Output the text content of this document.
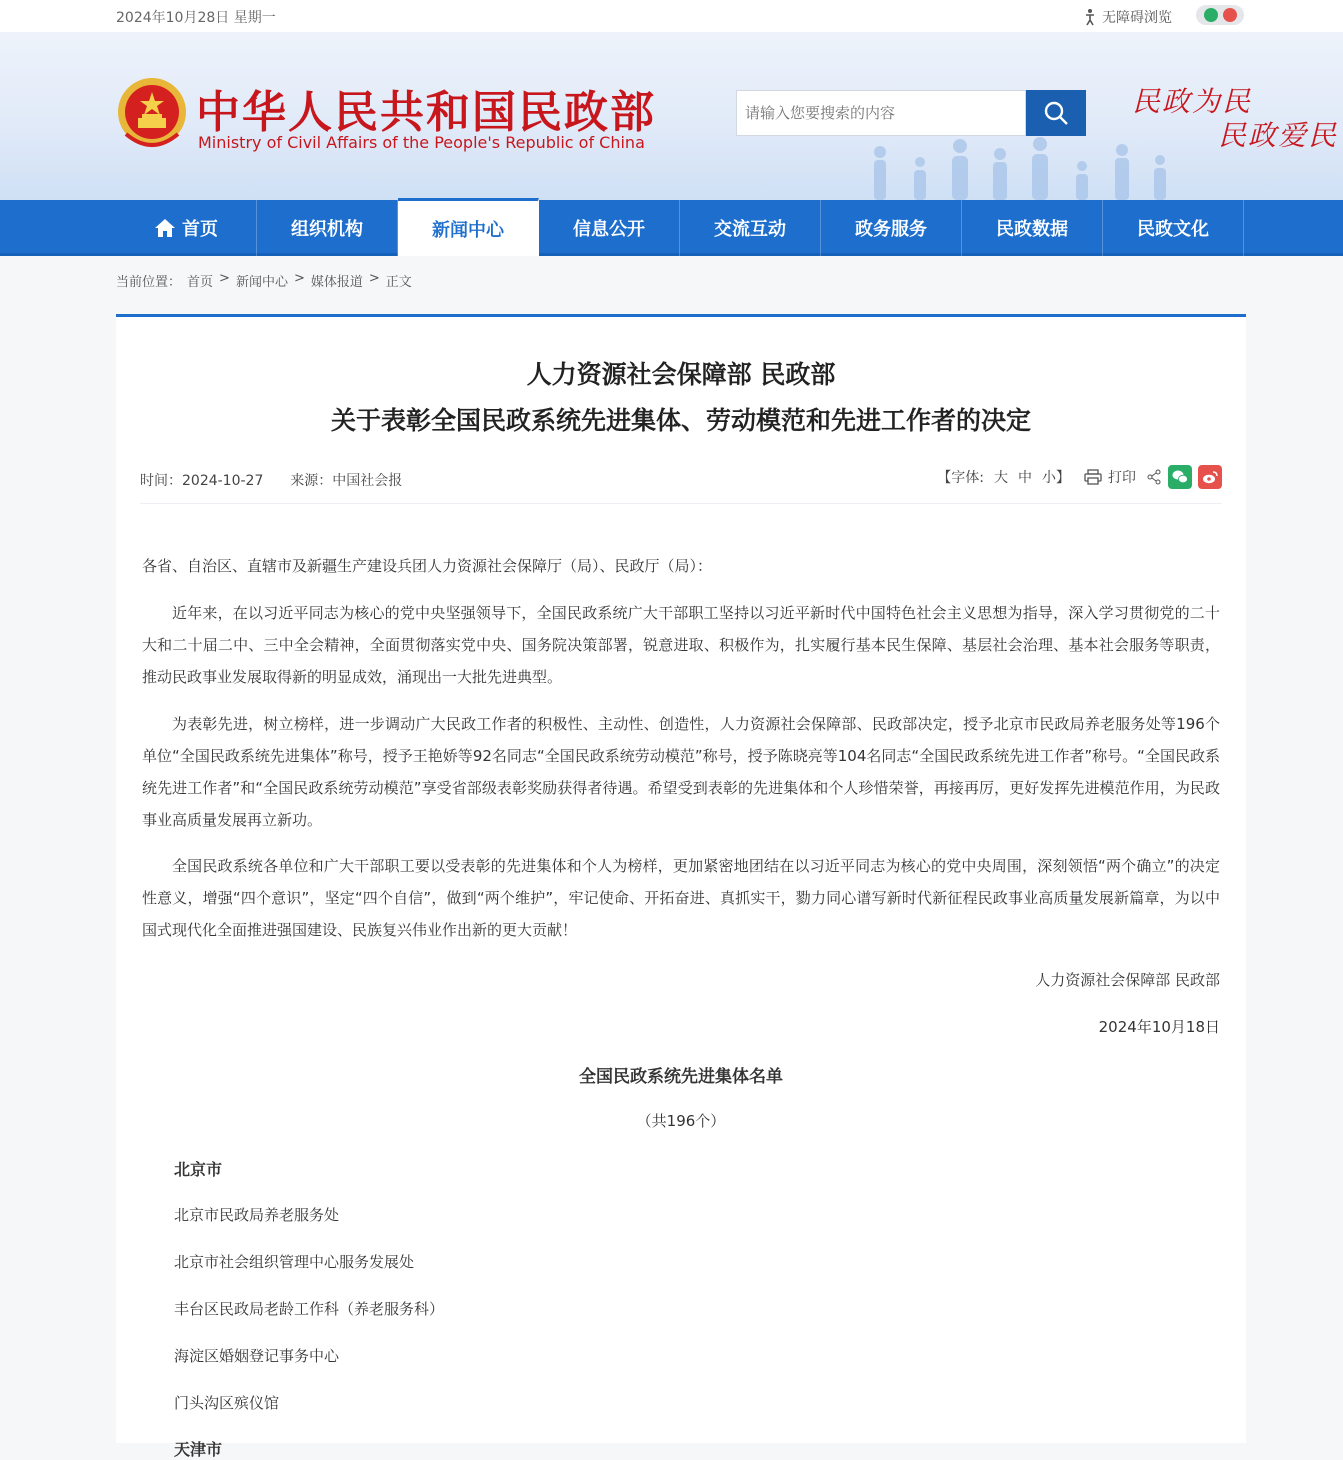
2024年10月28日 星期一	无障碍浏览
中华人民共和国民政部
Ministry of Civil Affairs of the People's Republic of China
请输入您要搜索的内容
民政为民
民政爱民
首页	组织机构	新闻中心	信息公开	交流互动	政务服务	民政数据	民政文化
当前位置： 首页 > 新闻中心 > 媒体报道 > 正文
人力资源社会保障部 民政部
关于表彰全国民政系统先进集体、劳动模范和先进工作者的决定
时间：2024-10-27 来源：中国社会报	【字体: 大 中 小】	打印
各省、自治区、直辖市及新疆生产建设兵团人力资源社会保障厅（局）、民政厅（局）：
近年来，在以习近平同志为核心的党中央坚强领导下，全国民政系统广大干部职工坚持以习近平新时代中国特色社会主义思想为指导，深入学习贯彻党的二十大和二十届二中、三中全会精神，全面贯彻落实党中央、国务院决策部署，锐意进取、积极作为，扎实履行基本民生保障、基层社会治理、基本社会服务等职责，推动民政事业发展取得新的明显成效，涌现出一大批先进典型。
为表彰先进，树立榜样，进一步调动广大民政工作者的积极性、主动性、创造性，人力资源社会保障部、民政部决定，授予北京市民政局养老服务处等196个单位“全国民政系统先进集体”称号，授予王艳娇等92名同志“全国民政系统劳动模范”称号，授予陈晓亮等104名同志“全国民政系统先进工作者”称号。“全国民政系统先进工作者”和“全国民政系统劳动模范”享受省部级表彰奖励获得者待遇。希望受到表彰的先进集体和个人珍惜荣誉，再接再厉，更好发挥先进模范作用，为民政事业高质量发展再立新功。
全国民政系统各单位和广大干部职工要以受表彰的先进集体和个人为榜样，更加紧密地团结在以习近平同志为核心的党中央周围，深刻领悟“两个确立”的决定性意义，增强“四个意识”，坚定“四个自信”，做到“两个维护”，牢记使命、开拓奋进、真抓实干，勠力同心谱写新时代新征程民政事业高质量发展新篇章，为以中国式现代化全面推进强国建设、民族复兴伟业作出新的更大贡献！
人力资源社会保障部 民政部
2024年10月18日
全国民政系统先进集体名单
（共196个）
北京市
北京市民政局养老服务处
北京市社会组织管理中心服务发展处
丰台区民政局老龄工作科（养老服务科）
海淀区婚姻登记事务中心
门头沟区殡仪馆
天津市
